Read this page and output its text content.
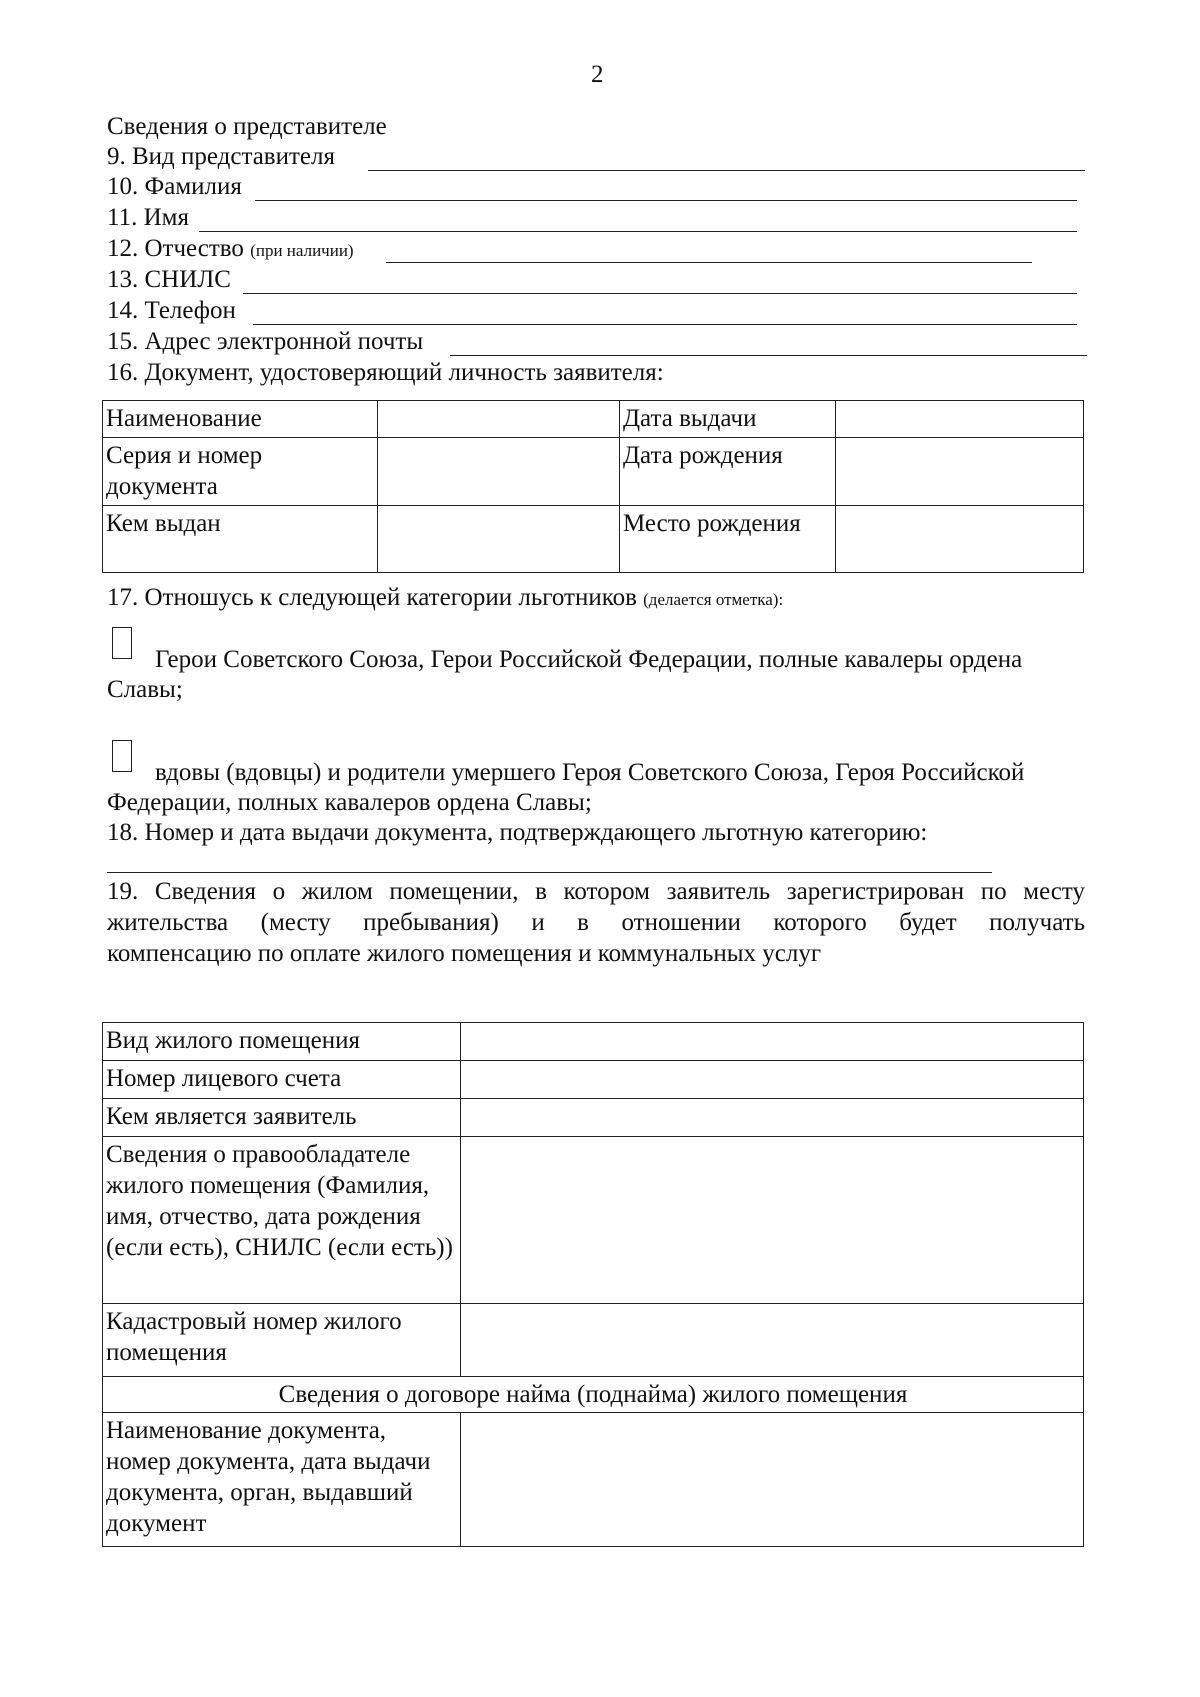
2
Сведения о представителе
9. Вид представителя
10. Фамилия
11. Имя
12. Отчество (при наличии)
13. СНИЛС
14. Телефон
15. Адрес электронной почты
16. Документ, удостоверяющий личность заявителя:
Наименование		Дата выдачи	
Серия и номер документа		Дата рождения	
Кем выдан		Место рождения	
17. Отношусь к следующей категории льготников (делается отметка):
Герои Советского Союза, Герои Российской Федерации, полные кавалеры ордена
Славы;
вдовы (вдовцы) и родители умершего Героя Советского Союза, Героя Российской
Федерации, полных кавалеров ордена Славы;
18. Номер и дата выдачи документа, подтверждающего льготную категорию:
19. Сведения о жилом помещении, в котором заявитель зарегистрирован по месту
жительства (месту пребывания) и в отношении которого будет получать
компенсацию по оплате жилого помещения и коммунальных услуг
Вид жилого помещения	
Номер лицевого счета	
Кем является заявитель	
Сведения о правообладателе жилого помещения (Фамилия, имя, отчество, дата рождения (если есть), СНИЛС (если есть))	
Кадастровый номер жилого помещения	
Сведения о договоре найма (поднайма) жилого помещения	
Наименование документа, номер документа, дата выдачи документа, орган, выдавший документ	
